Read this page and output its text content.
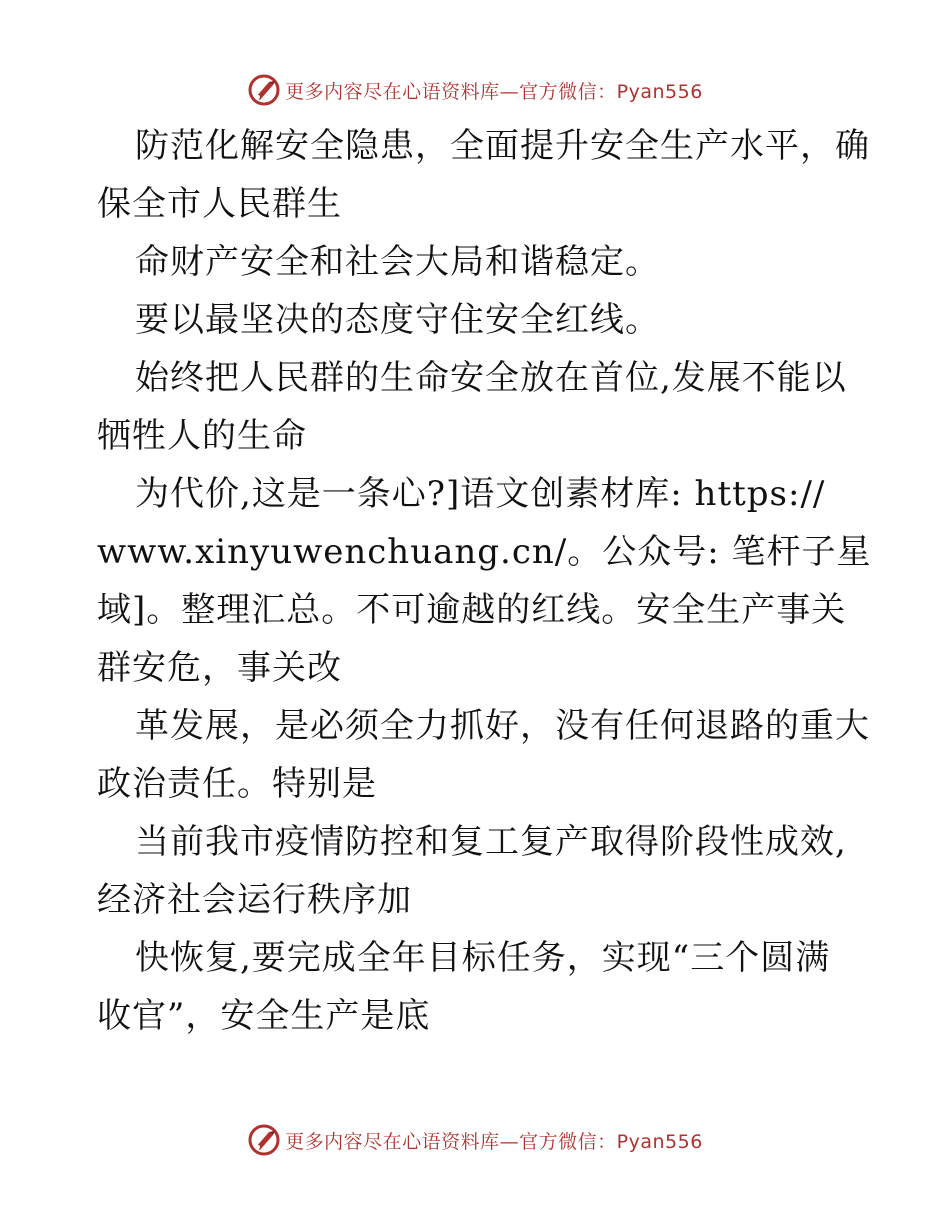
更多内容尽在心语资料库—官方微信：Pyan556
防范化解安全隐患，全面提升安全生产水平，确
保全市人民群生
命财产安全和社会大局和谐稳定。
要以最坚决的态度守住安全红线。
始终把人民群的生命安全放在首位,发展不能以
牺牲人的生命
为代价,这是一条心?]语文创素材库: https://
www.xinyuwenchuang.cn/。公众号: 笔杆子星
域]。整理汇总。不可逾越的红线。安全生产事关
群安危，事关改
革发展，是必须全力抓好，没有任何退路的重大
政治责任。特别是
当前我市疫情防控和复工复产取得阶段性成效,
经济社会运行秩序加
快恢复,要完成全年目标任务，实现“三个圆满
收官”，安全生产是底
更多内容尽在心语资料库—官方微信：Pyan556
